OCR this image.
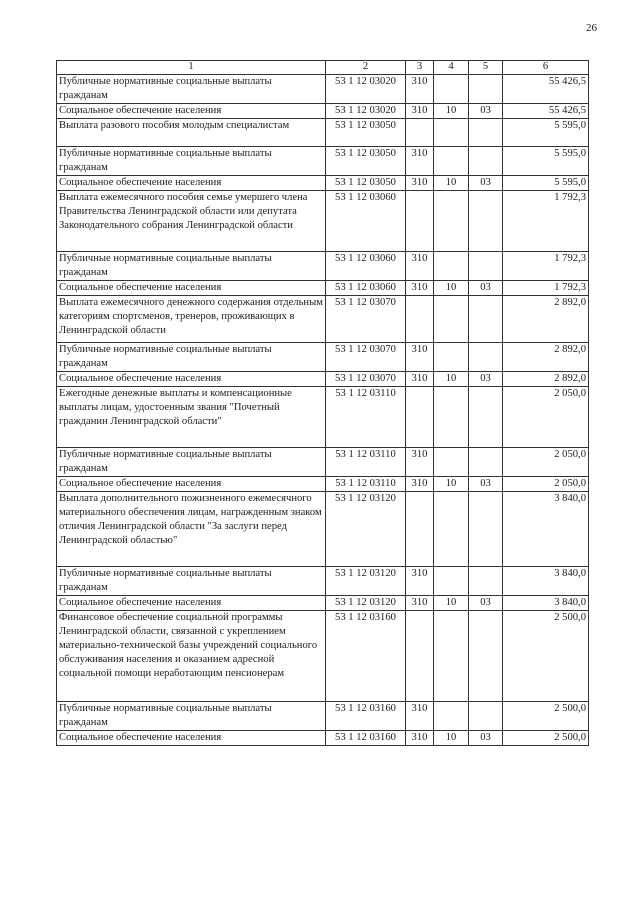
26
1	2	3	4	5	6
Публичные нормативные социальные выплаты гражданам	53 1 12 03020	310			55 426,5
Социальное обеспечение населения	53 1 12 03020	310	10	03	55 426,5
Выплата разового пособия молодым специалистам	53 1 12 03050				5 595,0
Публичные нормативные социальные выплаты гражданам	53 1 12 03050	310			5 595,0
Социальное обеспечение населения	53 1 12 03050	310	10	03	5 595,0
Выплата ежемесячного пособия семье умершего члена Правительства Ленинградской области или депутата Законодательного собрания Ленинградской области	53 1 12 03060				1 792,3
Публичные нормативные социальные выплаты гражданам	53 1 12 03060	310			1 792,3
Социальное обеспечение населения	53 1 12 03060	310	10	03	1 792,3
Выплата ежемесячного денежного содержания отдельным категориям спортсменов, тренеров, проживающих в Ленинградской области	53 1 12 03070				2 892,0
Публичные нормативные социальные выплаты гражданам	53 1 12 03070	310			2 892,0
Социальное обеспечение населения	53 1 12 03070	310	10	03	2 892,0
Ежегодные денежные выплаты и компенсационные выплаты лицам, удостоенным звания "Почетный гражданин Ленинградской области"	53 1 12 03110				2 050,0
Публичные нормативные социальные выплаты гражданам	53 1 12 03110	310			2 050,0
Социальное обеспечение населения	53 1 12 03110	310	10	03	2 050,0
Выплата дополнительного пожизненного ежемесячного материального обеспечения лицам, награжденным знаком отличия Ленинградской области "За заслуги перед Ленинградской областью"	53 1 12 03120				3 840,0
Публичные нормативные социальные выплаты гражданам	53 1 12 03120	310			3 840,0
Социальное обеспечение населения	53 1 12 03120	310	10	03	3 840,0
Финансовое обеспечение социальной программы Ленинградской области, связанной с укреплением материально-технической базы учреждений социального обслуживания населения и оказанием адресной социальной помощи неработающим пенсионерам	53 1 12 03160				2 500,0
Публичные нормативные социальные выплаты гражданам	53 1 12 03160	310			2 500,0
Социальное обеспечение населения	53 1 12 03160	310	10	03	2 500,0
